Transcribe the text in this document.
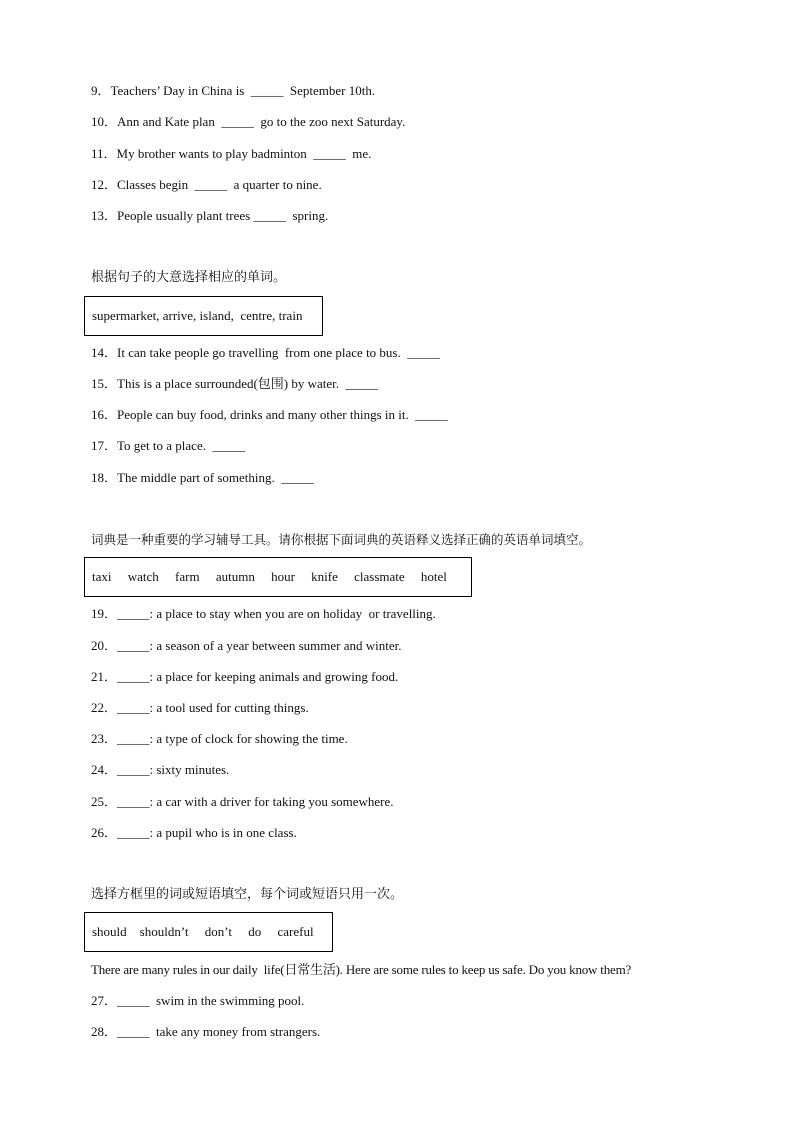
9．Teachers’ Day in China is  _____  September 10th.
10．Ann and Kate plan  _____  go to the zoo next Saturday.
11．My brother wants to play badminton  _____  me.
12．Classes begin  _____  a quarter to nine.
13．People usually plant trees _____  spring.
根据句子的大意选择相应的单词。
supermarket, arrive, island,  centre, train
14．It can take people go travelling  from one place to bus.  _____
15．This is a place surrounded(包围) by water.  _____
16．People can buy food, drinks and many other things in it.  _____
17．To get to a place.  _____
18．The middle part of something.  _____
词典是一种重要的学习辅导工具。请你根据下面词典的英语释义选择正确的英语单词填空。
taxi     watch     farm     autumn     hour     knife     classmate     hotel
19．_____: a place to stay when you are on holiday  or travelling.
20．_____: a season of a year between summer and winter.
21．_____: a place for keeping animals and growing food.
22．_____: a tool used for cutting things.
23．_____: a type of clock for showing the time.
24．_____: sixty minutes.
25．_____: a car with a driver for taking you somewhere.
26．_____: a pupil who is in one class.
选择方框里的词或短语填空，每个词或短语只用一次。
should    shouldn’t     don’t     do     careful
There are many rules in our daily  life(日常生活). Here are some rules to keep us safe. Do you know them?
27．_____  swim in the swimming pool.
28．_____  take any money from strangers.
